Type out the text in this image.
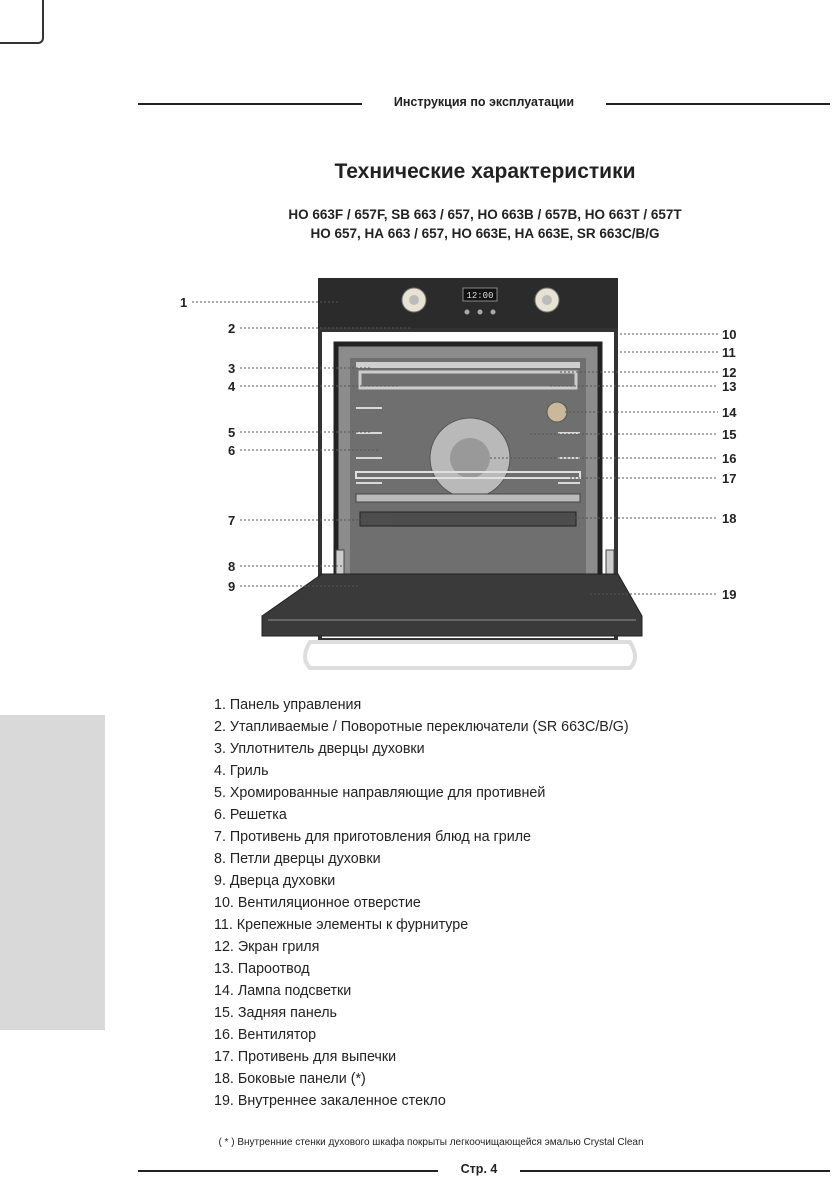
Инструкция по эксплуатации
Технические характеристики
НО 663F / 657F, SB 663 / 657, НО 663В / 657В, НО 663Т / 657Т
НО 657, НА 663 / 657, НО 663Е, НА 663Е, SR 663C/B/G
12:00
1
2
3
4
5
6
7
8
9
10
11
12
13
14
15
16
17
18
19
1. Панель управления
2. Утапливаемые / Поворотные переключатели (SR 663C/B/G)
3. Уплотнитель дверцы духовки
4. Гриль
5. Хромированные направляющие для противней
6. Решетка
7. Противень для приготовления блюд на гриле
8. Петли дверцы духовки
9. Дверца духовки
10. Вентиляционное отверстие
11. Крепежные элементы к фурнитуре
12. Экран гриля
13. Пароотвод
14. Лампа подсветки
15. Задняя панель
16. Вентилятор
17. Противень для выпечки
18. Боковые панели (*)
19. Внутреннее закаленное стекло
( * ) Внутренние стенки духового шкафа покрыты легкоочищающейся эмалью Crystal Clean
Стр. 4
